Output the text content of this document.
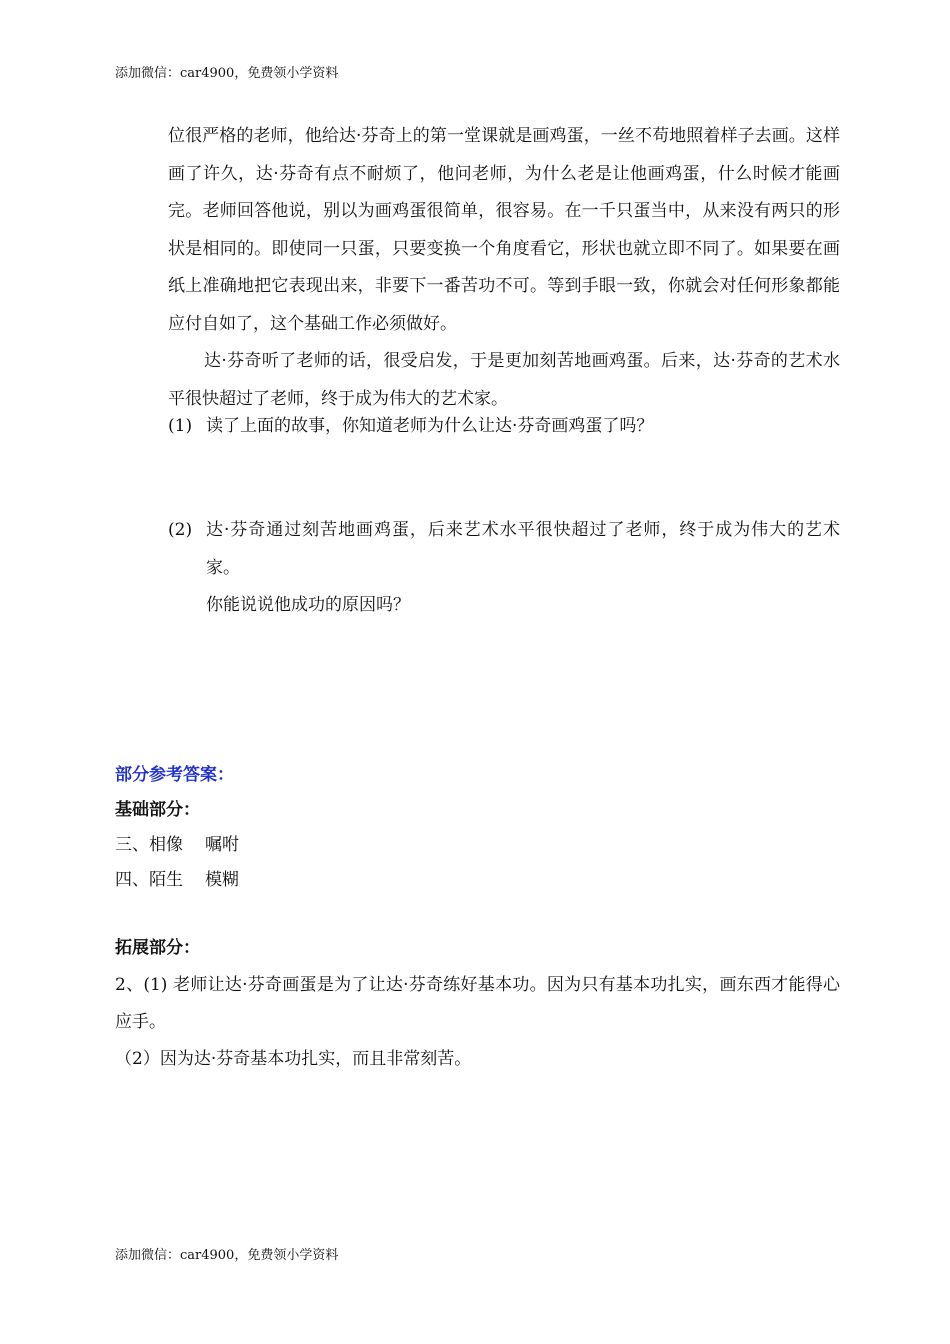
添加微信：car4900，免费领小学资料

位很严格的老师，他给达·芬奇上的第一堂课就是画鸡蛋，一丝不苟地照着样子去画。这样画了许久，达·芬奇有点不耐烦了，他问老师，为什么老是让他画鸡蛋，什么时候才能画完。老师回答他说，别以为画鸡蛋很简单，很容易。在一千只蛋当中，从来没有两只的形状是相同的。即使同一只蛋，只要变换一个角度看它，形状也就立即不同了。如果要在画纸上准确地把它表现出来，非要下一番苦功不可。等到手眼一致，你就会对任何形象都能应付自如了，这个基础工作必须做好。

达·芬奇听了老师的话，很受启发，于是更加刻苦地画鸡蛋。后来，达·芬奇的艺术水平很快超过了老师，终于成为伟大的艺术家。

(1) 读了上面的故事，你知道老师为什么让达·芬奇画鸡蛋了吗？

(2) 达·芬奇通过刻苦地画鸡蛋，后来艺术水平很快超过了老师，终于成为伟大的艺术家。

你能说说他成功的原因吗？

部分参考答案：

基础部分：

三、相像 嘱咐

四、陌生 模糊

拓展部分：

2、(1) 老师让达·芬奇画蛋是为了让达·芬奇练好基本功。因为只有基本功扎实，画东西才能得心应手。

（2）因为达·芬奇基本功扎实，而且非常刻苦。

添加微信：car4900，免费领小学资料
